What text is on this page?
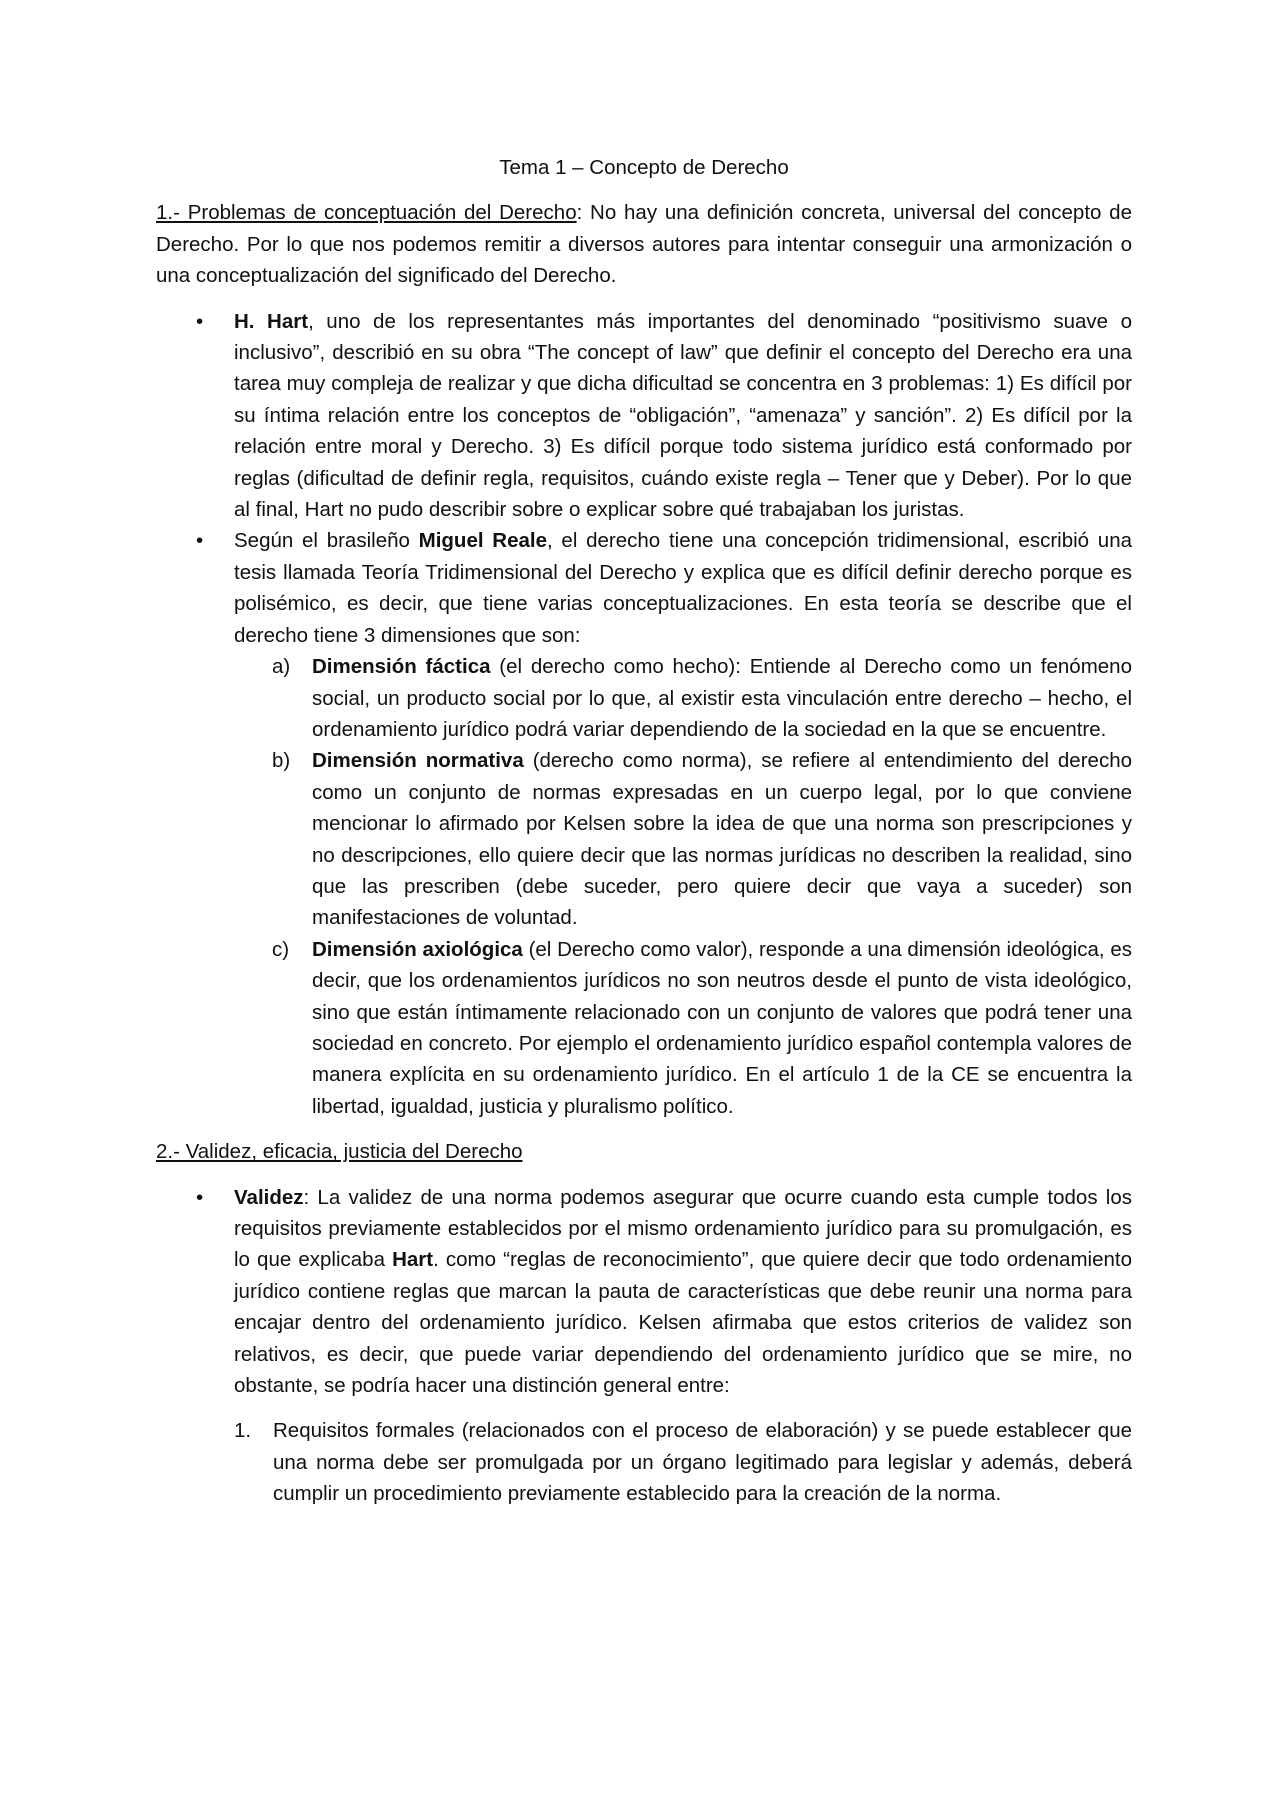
Tema 1 – Concepto de Derecho

1.- Problemas de conceptuación del Derecho: No hay una definición concreta, universal del concepto de Derecho. Por lo que nos podemos remitir a diversos autores para intentar conseguir una armonización o una conceptualización del significado del Derecho.

• H. Hart, uno de los representantes más importantes del denominado “positivismo suave o inclusivo”, describió en su obra “The concept of law” que definir el concepto del Derecho era una tarea muy compleja de realizar y que dicha dificultad se concentra en 3 problemas: 1) Es difícil por su íntima relación entre los conceptos de “obligación”, “amenaza” y sanción”. 2) Es difícil por la relación entre moral y Derecho. 3) Es difícil porque todo sistema jurídico está conformado por reglas (dificultad de definir regla, requisitos, cuándo existe regla – Tener que y Deber). Por lo que al final, Hart no pudo describir sobre o explicar sobre qué trabajaban los juristas.
• Según el brasileño Miguel Reale, el derecho tiene una concepción tridimensional, escribió una tesis llamada Teoría Tridimensional del Derecho y explica que es difícil definir derecho porque es polisémico, es decir, que tiene varias conceptualizaciones. En esta teoría se describe que el derecho tiene 3 dimensiones que son:
a) Dimensión fáctica (el derecho como hecho): Entiende al Derecho como un fenómeno social, un producto social por lo que, al existir esta vinculación entre derecho – hecho, el ordenamiento jurídico podrá variar dependiendo de la sociedad en la que se encuentre.
b) Dimensión normativa (derecho como norma), se refiere al entendimiento del derecho como un conjunto de normas expresadas en un cuerpo legal, por lo que conviene mencionar lo afirmado por Kelsen sobre la idea de que una norma son prescripciones y no descripciones, ello quiere decir que las normas jurídicas no describen la realidad, sino que las prescriben (debe suceder, pero quiere decir que vaya a suceder) son manifestaciones de voluntad.
c) Dimensión axiológica (el Derecho como valor), responde a una dimensión ideológica, es decir, que los ordenamientos jurídicos no son neutros desde el punto de vista ideológico, sino que están íntimamente relacionado con un conjunto de valores que podrá tener una sociedad en concreto. Por ejemplo el ordenamiento jurídico español contempla valores de manera explícita en su ordenamiento jurídico. En el artículo 1 de la CE se encuentra la libertad, igualdad, justicia y pluralismo político.

2.- Validez, eficacia, justicia del Derecho

• Validez: La validez de una norma podemos asegurar que ocurre cuando esta cumple todos los requisitos previamente establecidos por el mismo ordenamiento jurídico para su promulgación, es lo que explicaba Hart. como “reglas de reconocimiento”, que quiere decir que todo ordenamiento jurídico contiene reglas que marcan la pauta de características que debe reunir una norma para encajar dentro del ordenamiento jurídico. Kelsen afirmaba que estos criterios de validez son relativos, es decir, que puede variar dependiendo del ordenamiento jurídico que se mire, no obstante, se podría hacer una distinción general entre:
1. Requisitos formales (relacionados con el proceso de elaboración) y se puede establecer que una norma debe ser promulgada por un órgano legitimado para legislar y además, deberá cumplir un procedimiento previamente establecido para la creación de la norma.
